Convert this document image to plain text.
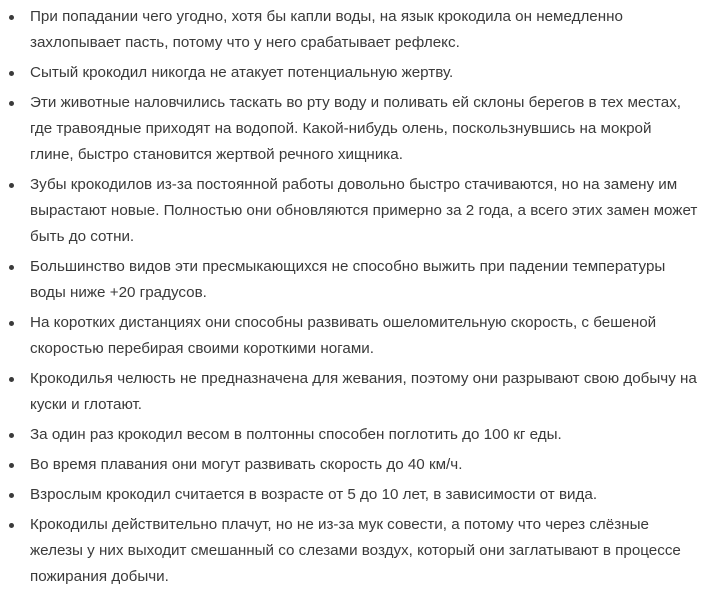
При попадании чего угодно, хотя бы капли воды, на язык крокодила он немедленно захлопывает пасть, потому что у него срабатывает рефлекс.
Сытый крокодил никогда не атакует потенциальную жертву.
Эти животные наловчились таскать во рту воду и поливать ей склоны берегов в тех местах, где травоядные приходят на водопой. Какой-нибудь олень, поскользнувшись на мокрой глине, быстро становится жертвой речного хищника.
Зубы крокодилов из-за постоянной работы довольно быстро стачиваются, но на замену им вырастают новые. Полностью они обновляются примерно за 2 года, а всего этих замен может быть до сотни.
Большинство видов эти пресмыкающихся не способно выжить при падении температуры воды ниже +20 градусов.
На коротких дистанциях они способны развивать ошеломительную скорость, с бешеной скоростью перебирая своими короткими ногами.
Крокодилья челюсть не предназначена для жевания, поэтому они разрывают свою добычу на куски и глотают.
За один раз крокодил весом в полтонны способен поглотить до 100 кг еды.
Во время плавания они могут развивать скорость до 40 км/ч.
Взрослым крокодил считается в возрасте от 5 до 10 лет, в зависимости от вида.
Крокодилы действительно плачут, но не из-за мук совести, а потому что через слёзные железы у них выходит смешанный со слезами воздух, который они заглатывают в процессе пожирания добычи.
